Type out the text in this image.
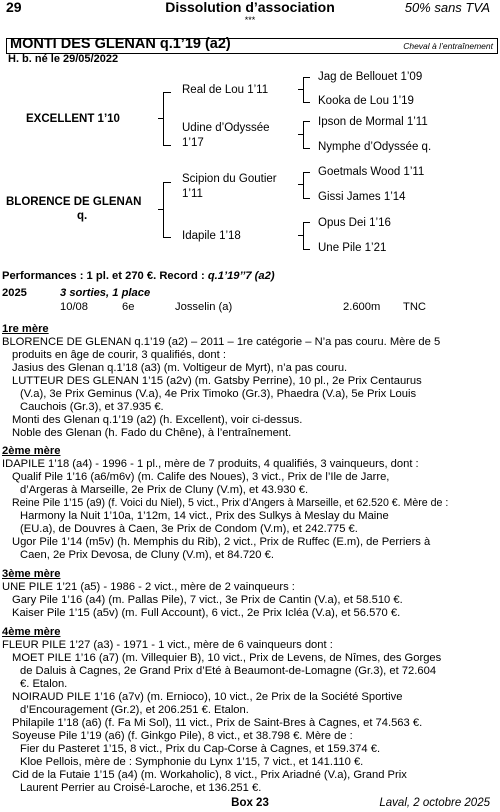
29	Dissolution d’association	50% sans TVA
***
MONTI DES GLENAN q.1’19 (a2)	Cheval à l’entraînement
H. b. né le 29/05/2022
EXCELLENT 1’10
BLORENCE DE GLENAN
q.
Real de Lou 1’11
Udine d’Odyssée
1’17
Scipion du Goutier
1’11
Idapile 1’18
Jag de Bellouet 1’09
Kooka de Lou 1’19
Ipson de Mormal 1’11
Nymphe d’Odyssée q.
Goetmals Wood 1’11
Gissi James 1’14
Opus Dei 1’16
Une Pile 1’21
Performances : 1 pl. et 270 €. Record : q.1’19’’7 (a2)
2025	3 sorties, 1 place
10/08	6e	Josselin (a)	2.600m TNC
1re mère
BLORENCE DE GLENAN q.1’19 (a2) – 2011 – 1re catégorie – N’a pas couru. Mère de 5
produits en âge de courir, 3 qualifiés, dont :
Jasius des Glenan q.1’18 (a3) (m. Voltigeur de Myrt), n’a pas couru.
LUTTEUR DES GLENAN 1’15 (a2v) (m. Gatsby Perrine), 10 pl., 2e Prix Centaurus
(V.a), 3e Prix Geminus (V.a), 4e Prix Timoko (Gr.3), Phaedra (V.a), 5e Prix Louis
Cauchois (Gr.3), et 37.935 €.
Monti des Glenan q.1’19 (a2) (h. Excellent), voir ci-dessus.
Noble des Glenan (h. Fado du Chêne), à l’entraînement.
2ème mère
IDAPILE 1’18 (a4) - 1996 - 1 pl., mère de 7 produits, 4 qualifiés, 3 vainqueurs, dont :
Qualif Pile 1’16 (a6/m6v) (m. Calife des Noues), 3 vict., Prix de l’Ile de Jarre,
d’Argeras à Marseille, 2e Prix de Cluny (V.m), et 43.930 €.
Reine Pile 1’15 (a9) (f. Voici du Niel), 5 vict., Prix d’Angers à Marseille, et 62.520 €. Mère de :
Harmony la Nuit 1’10a, 1’12m, 14 vict., Prix des Sulkys à Meslay du Maine
(EU.a), de Douvres à Caen, 3e Prix de Condom (V.m), et 242.775 €.
Ugor Pile 1’14 (m5v) (h. Memphis du Rib), 2 vict., Prix de Ruffec (E.m), de Perriers à
Caen, 2e Prix Devosa, de Cluny (V.m), et 84.720 €.
3ème mère
UNE PILE 1’21 (a5) - 1986 - 2 vict., mère de 2 vainqueurs :
Gary Pile 1’16 (a4) (m. Pallas Pile), 7 vict., 3e Prix de Cantin (V.a), et 58.510 €.
Kaiser Pile 1’15 (a5v) (m. Full Account), 6 vict., 2e Prix Icléa (V.a), et 56.570 €.
4ème mère
FLEUR PILE 1’27 (a3) - 1971 - 1 vict., mère de 6 vainqueurs dont :
MOET PILE 1’16 (a7) (m. Villequier B), 10 vict., Prix de Levens, de Nîmes, des Gorges
de Daluis à Cagnes, 2e Grand Prix d’Eté à Beaumont-de-Lomagne (Gr.3), et 72.604
€. Etalon.
NOIRAUD PILE 1’16 (a7v) (m. Ernioco), 10 vict., 2e Prix de la Société Sportive
d’Encouragement (Gr.2), et 206.251 €. Etalon.
Philapile 1’18 (a6) (f. Fa Mi Sol), 11 vict., Prix de Saint-Bres à Cagnes, et 74.563 €.
Soyeuse Pile 1’19 (a6) (f. Ginkgo Pile), 8 vict., et 38.798 €. Mère de :
Fier du Pasteret 1’15, 8 vict., Prix du Cap-Corse à Cagnes, et 159.374 €.
Kloe Pellois, mère de : Symphonie du Lynx 1’15, 7 vict., et 141.110 €.
Cid de la Futaie 1’15 (a4) (m. Workaholic), 8 vict., Prix Ariadné (V.a), Grand Prix
Laurent Perrier au Croisé-Laroche, et 136.251 €.
Box 23	Laval, 2 octobre 2025
